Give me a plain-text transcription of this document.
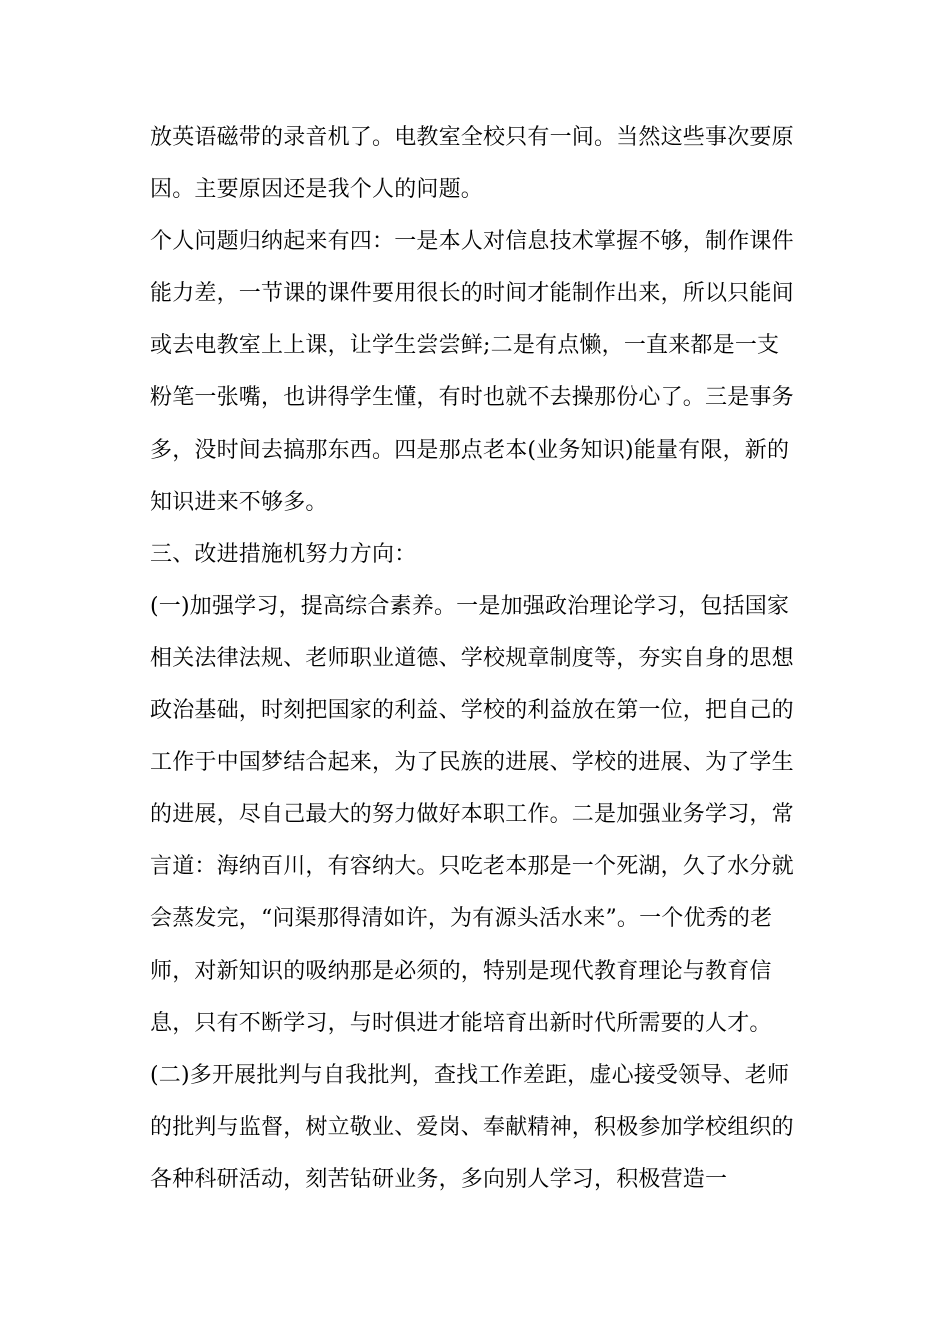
放英语磁带的录音机了。电教室全校只有一间。当然这些事次要原
因。主要原因还是我个人的问题。
个人问题归纳起来有四：一是本人对信息技术掌握不够，制作课件
能力差，一节课的课件要用很长的时间才能制作出来，所以只能间
或去电教室上上课，让学生尝尝鲜;二是有点懒，一直来都是一支
粉笔一张嘴，也讲得学生懂，有时也就不去操那份心了。三是事务
多，没时间去搞那东西。四是那点老本(业务知识)能量有限，新的
知识进来不够多。
三、改进措施机努力方向：
(一)加强学习，提高综合素养。一是加强政治理论学习，包括国家
相关法律法规、老师职业道德、学校规章制度等，夯实自身的思想
政治基础，时刻把国家的利益、学校的利益放在第一位，把自己的
工作于中国梦结合起来，为了民族的进展、学校的进展、为了学生
的进展，尽自己最大的努力做好本职工作。二是加强业务学习，常
言道：海纳百川，有容纳大。只吃老本那是一个死湖，久了水分就
会蒸发完，“问渠那得清如许，为有源头活水来”。一个优秀的老
师，对新知识的吸纳那是必须的，特别是现代教育理论与教育信
息，只有不断学习，与时俱进才能培育出新时代所需要的人才。
(二)多开展批判与自我批判，查找工作差距，虚心接受领导、老师
的批判与监督，树立敬业、爱岗、奉献精神，积极参加学校组织的
各种科研活动，刻苦钻研业务，多向别人学习，积极营造一
